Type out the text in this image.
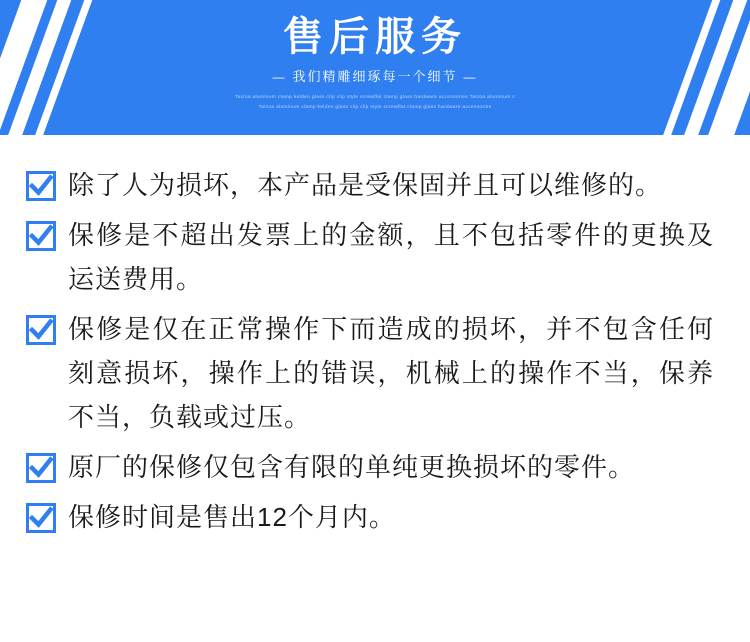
售后服务
— 我们精雕细琢每一个细节 —
Taizoa aluminum clamp kelden glass clip clip style screwflat clamp glass hardware accessories Taizoa aluminum c
Taizoa aluminum clamp kelden glass clip clip style screwflat clamp glass hardware accessories
除了人为损坏，本产品是受保固并且可以维修的。
保修是不超出发票上的金额，且不包括零件的更换及运送费用。
保修是仅在正常操作下而造成的损坏，并不包含任何刻意损坏，操作上的错误，机械上的操作不当，保养不当，负载或过压。
原厂的保修仅包含有限的单纯更换损坏的零件。
保修时间是售出12个月内。
